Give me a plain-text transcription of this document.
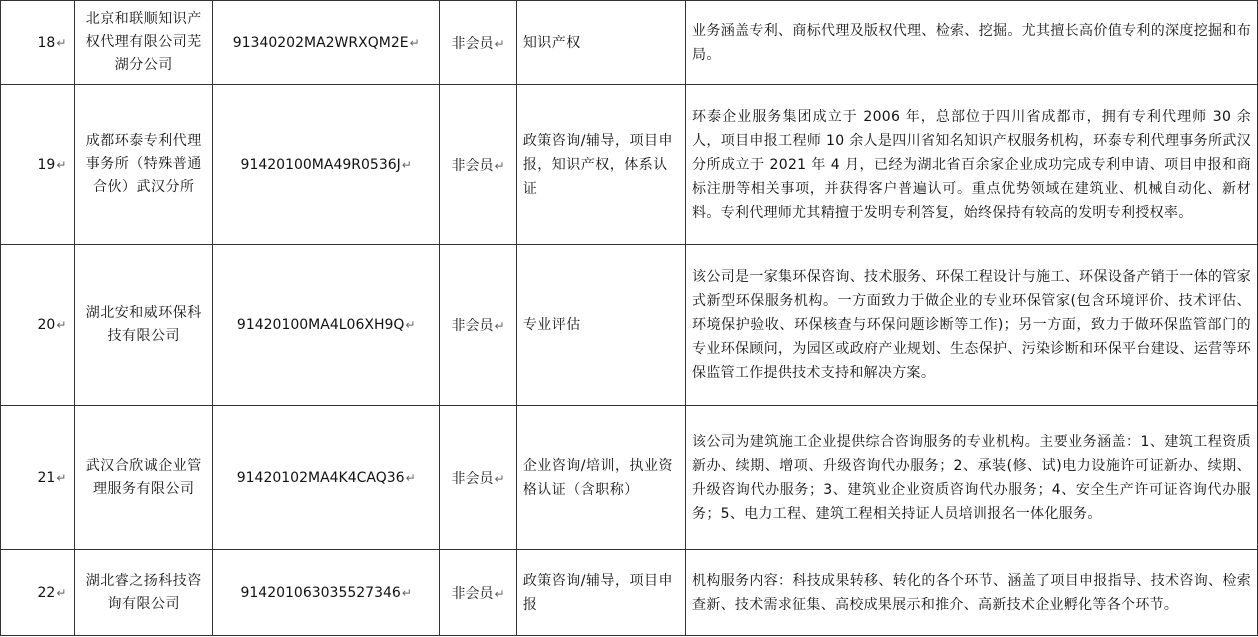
18↵	北京和联顺知识产权代理有限公司芜湖分公司	91340202MA2WRXQM2E↵	非会员↵	知识产权	业务涵盖专利、商标代理及版权代理、检索、挖掘。尤其擅长高价值专利的深度挖掘和布局。

19↵	成都环泰专利代理事务所（特殊普通合伙）武汉分所	91420100MA49R0536J↵	非会员↵	政策咨询/辅导，项目申报，知识产权，体系认证	环泰企业服务集团成立于 2006 年，总部位于四川省成都市，拥有专利代理师 30 余人，项目申报工程师 10 余人是四川省知名知识产权服务机构，环泰专利代理事务所武汉分所成立于 2021 年 4 月，已经为湖北省百余家企业成功完成专利申请、项目申报和商标注册等相关事项，并获得客户普遍认可。重点优势领域在建筑业、机械自动化、新材料。专利代理师尤其精擅于发明专利答复，始终保持有较高的发明专利授权率。

20↵	湖北安和威环保科技有限公司	91420100MA4L06XH9Q↵	非会员↵	专业评估	该公司是一家集环保咨询、技术服务、环保工程设计与施工、环保设备产销于一体的管家式新型环保服务机构。一方面致力于做企业的专业环保管家(包含环境评价、技术评估、环境保护验收、环保核查与环保问题诊断等工作)；另一方面，致力于做环保监管部门的专业环保顾问，为园区或政府产业规划、生态保护、污染诊断和环保平台建设、运营等环保监管工作提供技术支持和解决方案。

21↵	武汉合欣诚企业管理服务有限公司	91420102MA4K4CAQ36↵	非会员↵	企业咨询/培训，执业资格认证（含职称）	该公司为建筑施工企业提供综合咨询服务的专业机构。主要业务涵盖：1、建筑工程资质新办、续期、增项、升级咨询代办服务；2、承装(修、试)电力设施许可证新办、续期、升级咨询代办服务；3、建筑业企业资质咨询代办服务；4、安全生产许可证咨询代办服务；5、电力工程、建筑工程相关持证人员培训报名一体化服务。

22↵	湖北睿之扬科技咨询有限公司	914201063035527346↵	非会员↵	政策咨询/辅导，项目申报	机构服务内容：科技成果转移、转化的各个环节、涵盖了项目申报指导、技术咨询、检索查新、技术需求征集、高校成果展示和推介、高新技术企业孵化等各个环节。
